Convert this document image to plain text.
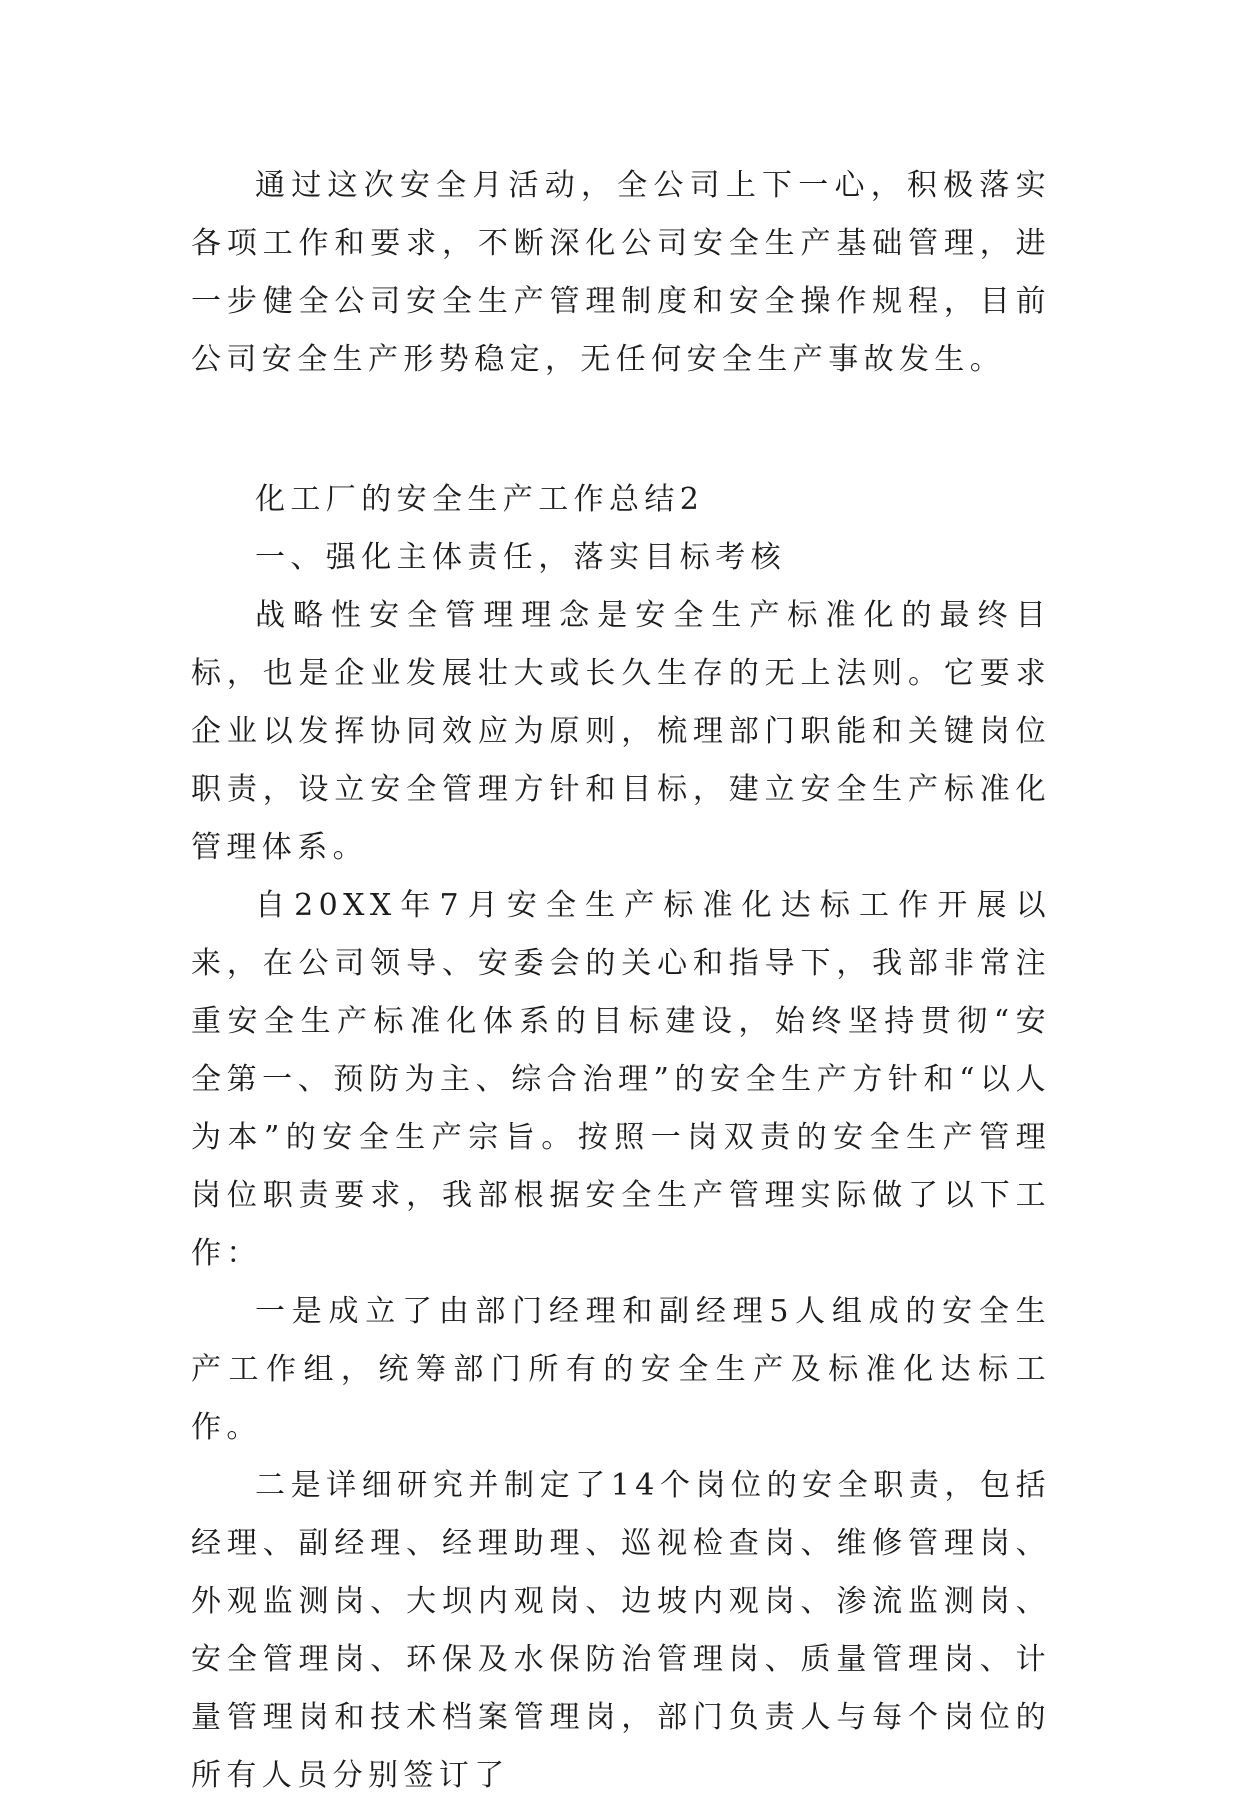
通过这次安全月活动，全公司上下一心，积极落实各项工作和要求，不断深化公司安全生产基础管理，进一步健全公司安全生产管理制度和安全操作规程，目前公司安全生产形势稳定，无任何安全生产事故发生。

化工厂的安全生产工作总结2

一、强化主体责任，落实目标考核

战略性安全管理理念是安全生产标准化的最终目标，也是企业发展壮大或长久生存的无上法则。它要求企业以发挥协同效应为原则，梳理部门职能和关键岗位职责，设立安全管理方针和目标，建立安全生产标准化管理体系。

自20XX年7月安全生产标准化达标工作开展以来，在公司领导、安委会的关心和指导下，我部非常注重安全生产标准化体系的目标建设，始终坚持贯彻“安全第一、预防为主、综合治理”的安全生产方针和“以人为本”的安全生产宗旨。按照一岗双责的安全生产管理岗位职责要求，我部根据安全生产管理实际做了以下工作：

一是成立了由部门经理和副经理5人组成的安全生产工作组，统筹部门所有的安全生产及标准化达标工作。

二是详细研究并制定了14个岗位的安全职责，包括经理、副经理、经理助理、巡视检查岗、维修管理岗、外观监测岗、大坝内观岗、边坡内观岗、渗流监测岗、安全管理岗、环保及水保防治管理岗、质量管理岗、计量管理岗和技术档案管理岗，部门负责人与每个岗位的所有人员分别签订了
